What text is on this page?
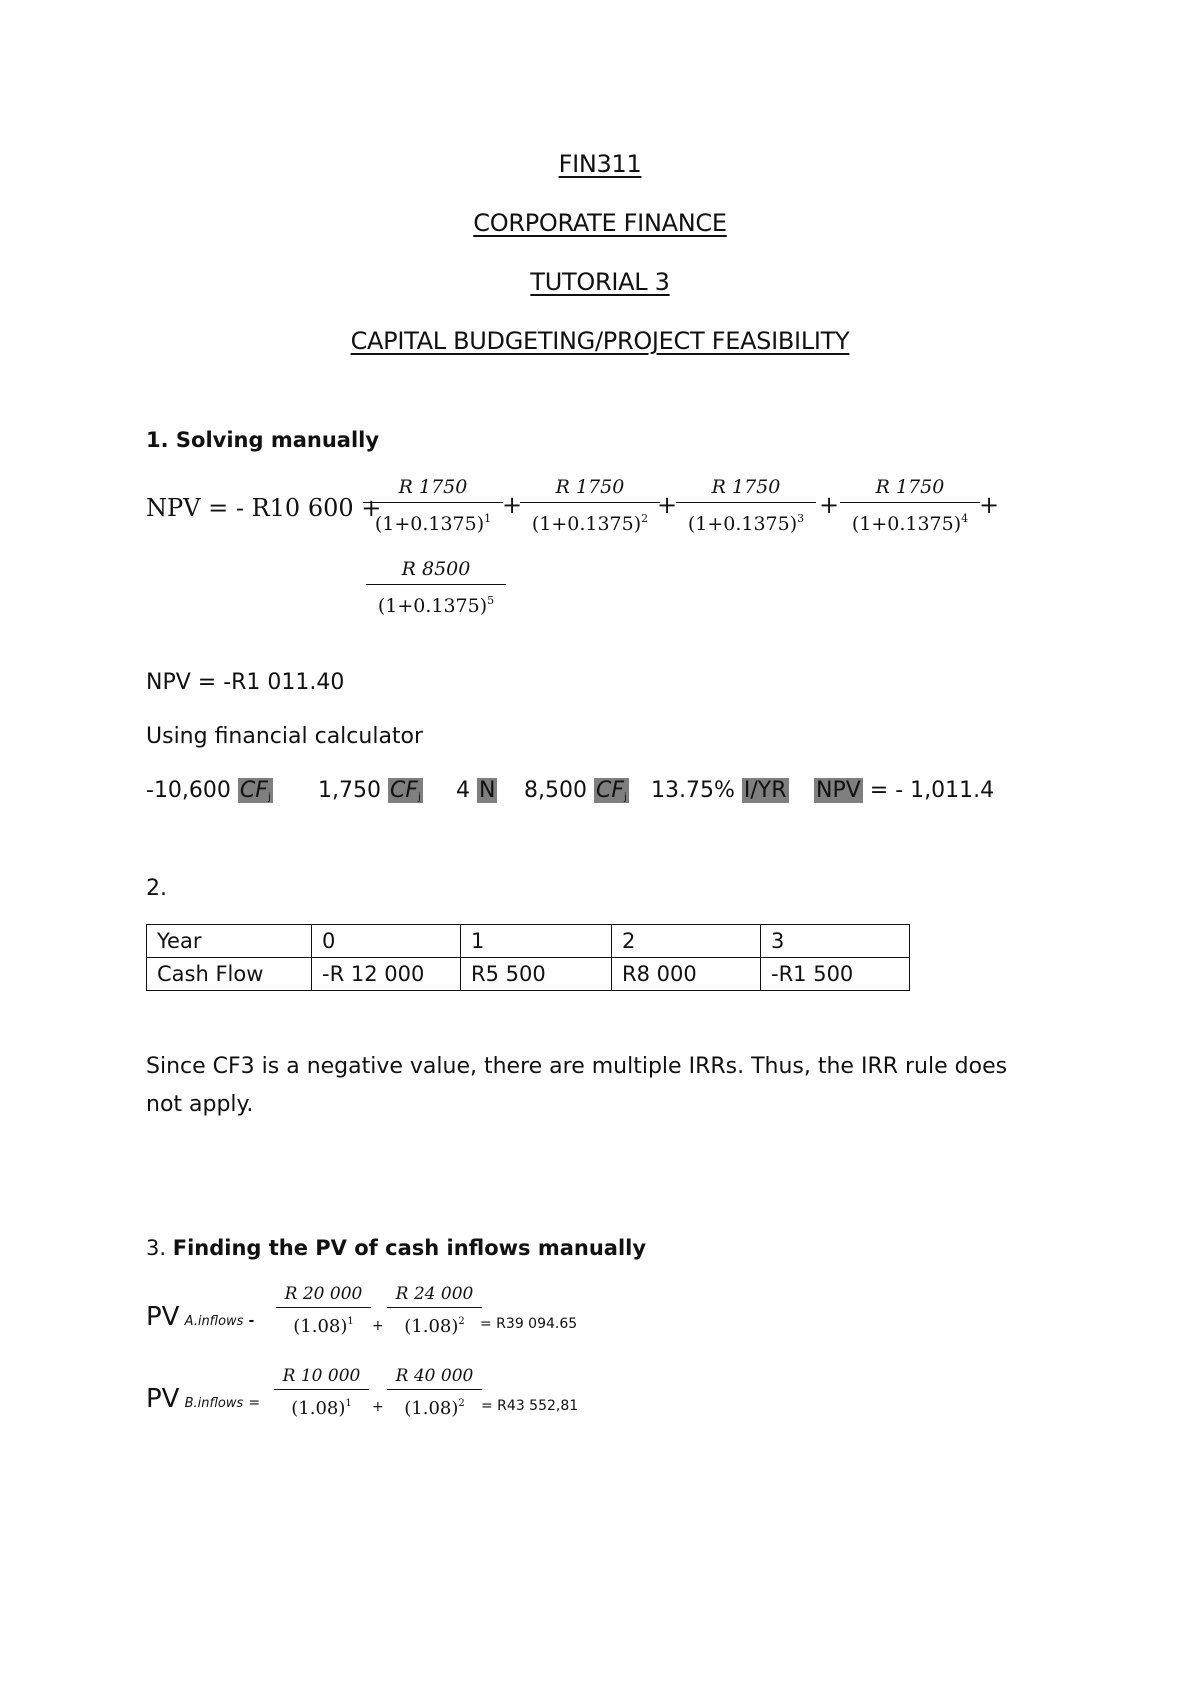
FIN311
CORPORATE FINANCE
TUTORIAL 3
CAPITAL BUDGETING/PROJECT FEASIBILITY
1. Solving manually
NPV = - R10 600 +
R 1750
$(1+0.1375)^1$ +
R 1750
$(1+0.1375)^2$ +
R 1750
$(1+0.1375)^3$ +
R 1750
$(1+0.1375)^4$ +
R 8500
$(1+0.1375)^5$
NPV = -R1 011.40
Using financial calculator
-10,600 $CF_j$ 1,750 $CF_j$ 4 N 8,500 $CF_j$ 13.75% I/YR NPV = - 1,011.4
2.
Year	0	1	2	3
Cash Flow	-R 12 000	R5 500	R8 000	-R1 500
Since CF3 is a negative value, there are multiple IRRs. Thus, the IRR rule does
not apply.
3. Finding the PV of cash inflows manually
PV A.inflows -
R 20 000
$(1.08)^1$	+
R 24 000
$(1.08)^2$	= R39 094.65
PV B.inflows =
R 10 000
$(1.08)^1$	+
R 40 000
$(1.08)^2$	= R43 552,81
